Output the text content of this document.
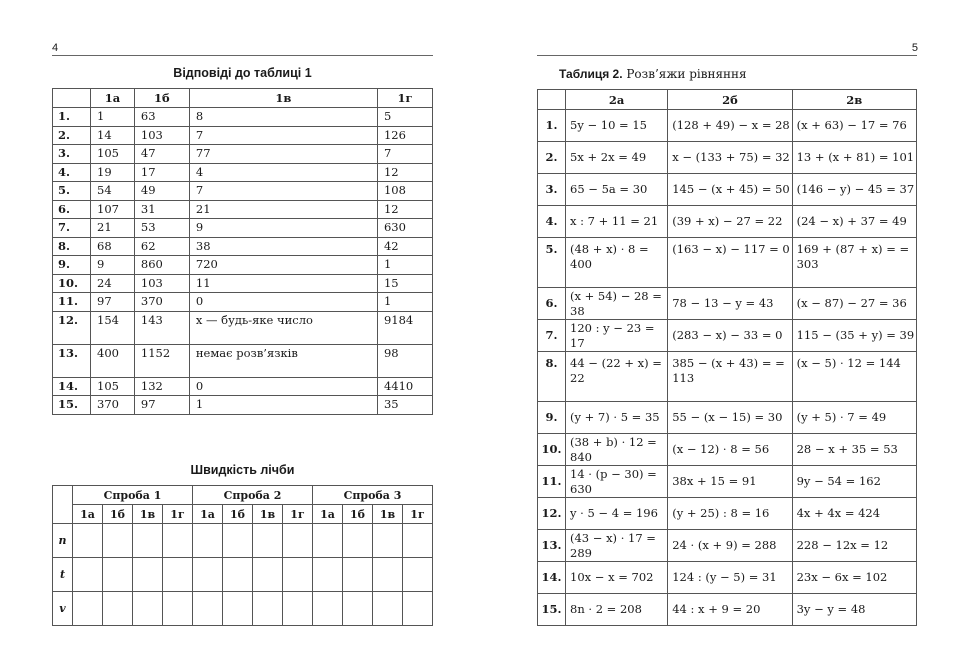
4
Відповіді до таблиці 1
	1а	1б	1в	1г
1.	1	63	8	5
2.	14	103	7	126
3.	105	47	77	7
4.	19	17	4	12
5.	54	49	7	108
6.	107	31	21	12
7.	21	53	9	630
8.	68	62	38	42
9.	9	860	720	1
10.	24	103	11	15
11.	97	370	0	1
12.	154	143	x — будь-яке число	9184
13.	400	1152	немає розв’язків	98
14.	105	132	0	4410
15.	370	97	1	35
Швидкість лічби
	Спроба 1				Спроба 2				Спроба 3			
	1а	1б	1в	1г	1а	1б	1в	1г	1а	1б	1в	1г
n												
t												
v												
5
Таблиця 2. Розв’яжи рівняння
	2а	2б	2в
1.	5y − 10 = 15	(128 + 49) − x = 28	(x + 63) − 17 = 76
2.	5x + 2x = 49	x − (133 + 75) = 32	13 + (x + 81) = 101
3.	65 − 5a = 30	145 − (x + 45) = 50	(146 − y) − 45 = 37
4.	x : 7 + 11 = 21	(39 + x) − 27 = 22	(24 − x) + 37 = 49
5.	(48 + x) · 8 = 400	(163 − x) − 117 = 0	169 + (87 + x) = = 303
6.	(x + 54) − 28 = 38	78 − 13 − y = 43	(x − 87) − 27 = 36
7.	120 : y − 23 = 17	(283 − x) − 33 = 0	115 − (35 + y) = 39
8.	44 − (22 + x) = 22	385 − (x + 43) = = 113	(x − 5) · 12 = 144
9.	(y + 7) · 5 = 35	55 − (x − 15) = 30	(y + 5) · 7 = 49
10.	(38 + b) · 12 = 840	(x − 12) · 8 = 56	28 − x + 35 = 53
11.	14 · (p − 30) = 630	38x + 15 = 91	9y − 54 = 162
12.	y · 5 − 4 = 196	(y + 25) : 8 = 16	4x + 4x = 424
13.	(43 − x) · 17 = 289	24 · (x + 9) = 288	228 − 12x = 12
14.	10x − x = 702	124 : (y − 5) = 31	23x − 6x = 102
15.	8n · 2 = 208	44 : x + 9 = 20	3y − y = 48
